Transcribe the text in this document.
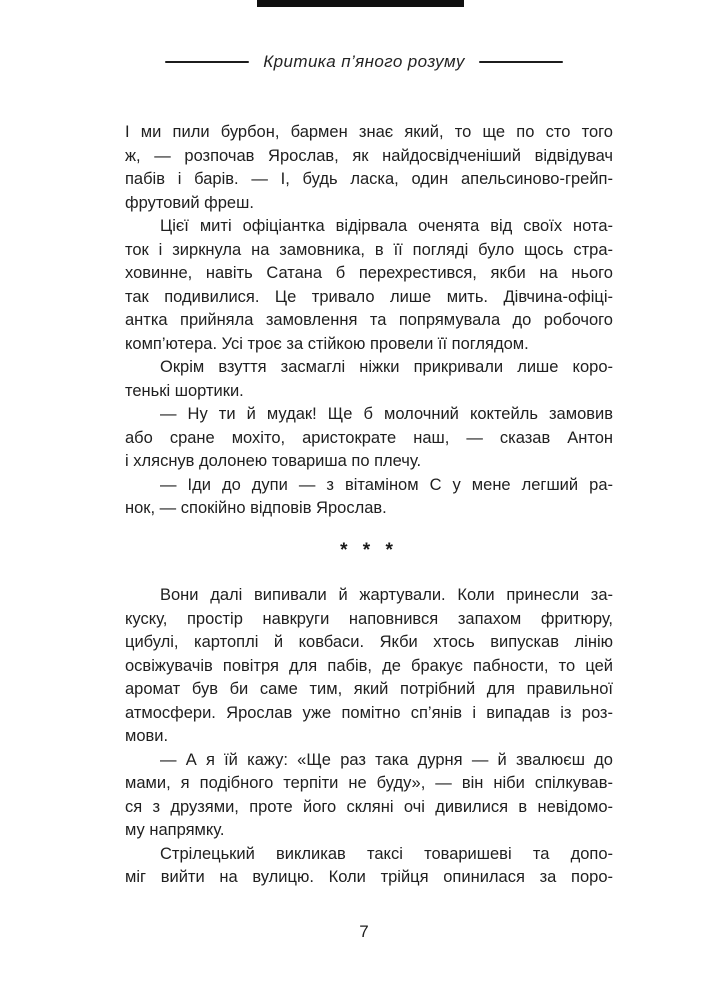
Критика п’яного розуму
І ми пили бурбон, бармен знає який, то ще по сто того
ж, — розпочав Ярослав, як найдосвідченіший відвідувач
пабів і барів. — І, будь ласка, один апельсиново-грейп-
фрутовий фреш.
Цієї миті офіціантка відірвала оченята від своїх нота-
ток і зиркнула на замовника, в її погляді було щось стра-
ховинне, навіть Сатана б перехрестився, якби на нього
так подивилися. Це тривало лише мить. Дівчина-офіці-
антка прийняла замовлення та попрямувала до робочого
комп’ютера. Усі троє за стійкою провели її поглядом.
Окрім взуття засмаглі ніжки прикривали лише коро-
тенькі шортики.
— Ну ти й мудак! Ще б молочний коктейль замовив
або сране мохіто, аристократе наш, — сказав Антон
і хляснув долонею товариша по плечу.
— Іди до дупи — з вітаміном С у мене легший ра-
нок, — спокійно відповів Ярослав.
* * *
Вони далі випивали й жартували. Коли принесли за-
куску, простір навкруги наповнився запахом фритюру,
цибулі, картоплі й ковбаси. Якби хтось випускав лінію
освіжувачів повітря для пабів, де бракує пабности, то цей
аромат був би саме тим, який потрібний для правильної
атмосфери. Ярослав уже помітно сп’янів і випадав із роз-
мови.
— А я їй кажу: «Ще раз така дурня — й звалюєш до
мами, я подібного терпіти не буду», — він ніби спілкував-
ся з друзями, проте його скляні очі дивилися в невідомо-
му напрямку.
Стрілецький викликав таксі товаришеві та допо-
міг вийти на вулицю. Коли трійця опинилася за поро-
7
